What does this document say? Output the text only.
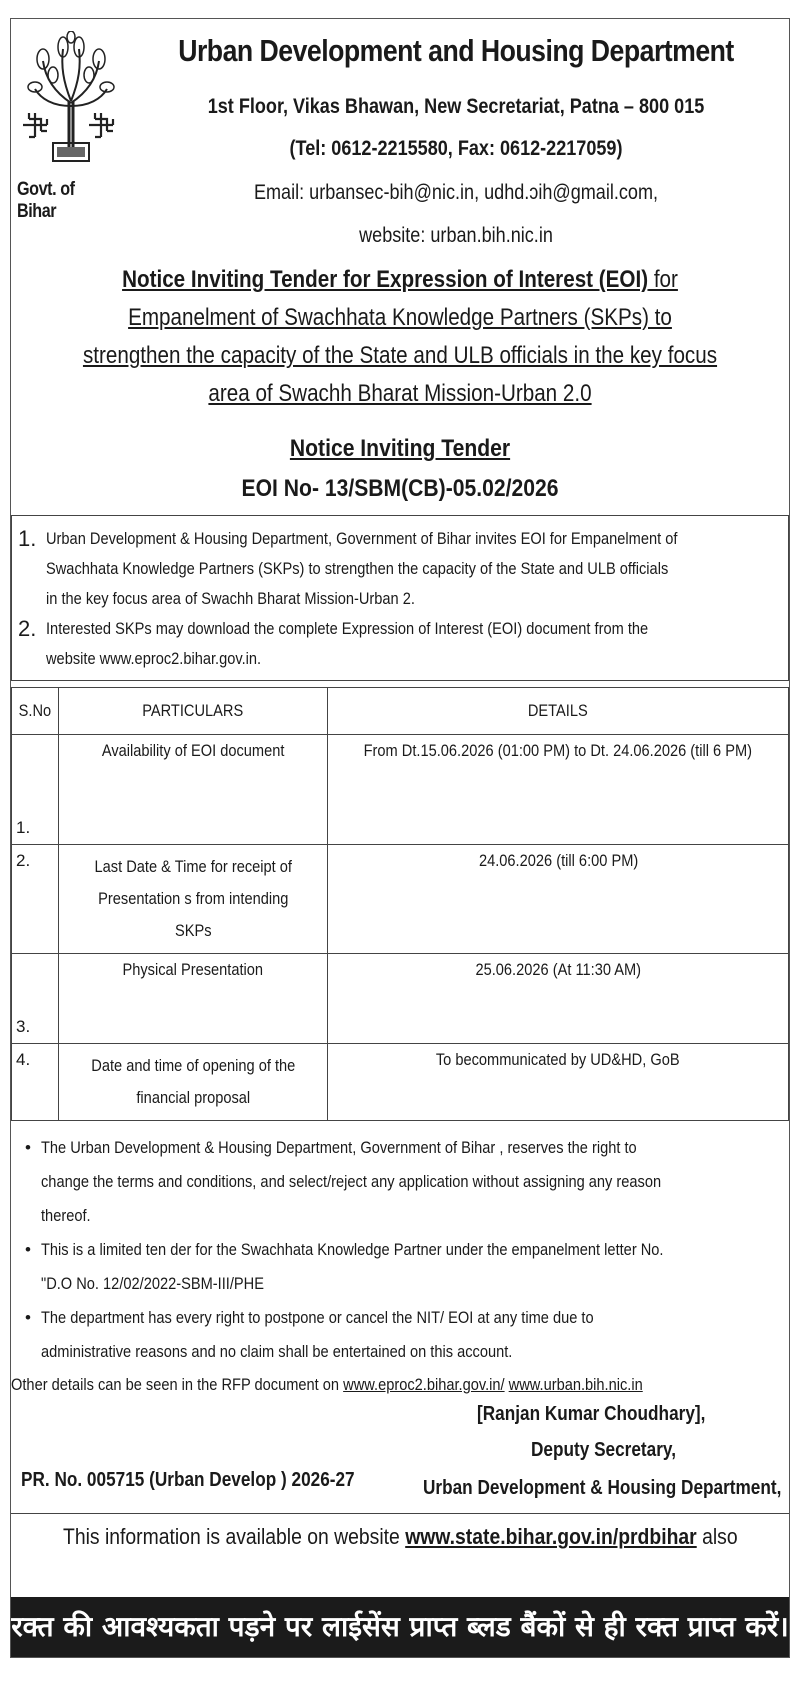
Govt. of Bihar
Urban Development and Housing Department
1st Floor, Vikas Bhawan, New Secretariat, Patna – 800 015
(Tel: 0612-2215580, Fax: 0612-2217059)
Email: urbansec-bih@nic.in, udhd.ɔih@gmail.com,
website: urban.bih.nic.in
Notice Inviting Tender for Expression of Interest (EOI) for Empanelment of Swachhata Knowledge Partners (SKPs) to strengthen the capacity of the State and ULB officials in the key focus area of Swachh Bharat Mission-Urban 2.0
Notice Inviting Tender
EOI No- 13/SBM(CB)-05.02/2026
1. Urban Development & Housing Department, Government of Bihar invites EOI for Empanelment of Swachhata Knowledge Partners (SKPs) to strengthen the capacity of the State and ULB officials in the key focus area of Swachh Bharat Mission-Urban 2.
2. Interested SKPs may download the complete Expression of Interest (EOI) document from the website www.eproc2.bihar.gov.in.
S.No	PARTICULARS	DETAILS
1.	Availability of EOI document	From Dt.15.06.2026 (01:00 PM) to Dt. 24.06.2026 (till 6 PM)
2.	Last Date & Time for receipt of Presentation s from intending SKPs	24.06.2026 (till 6:00 PM)
3.	Physical Presentation	25.06.2026 (At 11:30 AM)
4.	Date and time of opening of the financial proposal	To becommunicated by UD&HD, GoB
• The Urban Development & Housing Department, Government of Bihar , reserves the right to change the terms and conditions, and select/reject any application without assigning any reason thereof.
• This is a limited ten der for the Swachhata Knowledge Partner under the empanelment letter No. "D.O No. 12/02/2022-SBM-III/PHE
• The department has every right to postpone or cancel the NIT/ EOI at any time due to administrative reasons and no claim shall be entertained on this account.
Other details can be seen in the RFP document on www.eproc2.bihar.gov.in/ www.urban.bih.nic.in
[Ranjan Kumar Choudhary],
Deputy Secretary,
Urban Development & Housing Department,
PR. No. 005715 (Urban Develop ) 2026-27
This information is available on website www.state.bihar.gov.in/prdbihar also
रक्त की आवश्यकता पड़ने पर लाईसेंस प्राप्त ब्लड बैंकों से ही रक्त प्राप्त करें।
